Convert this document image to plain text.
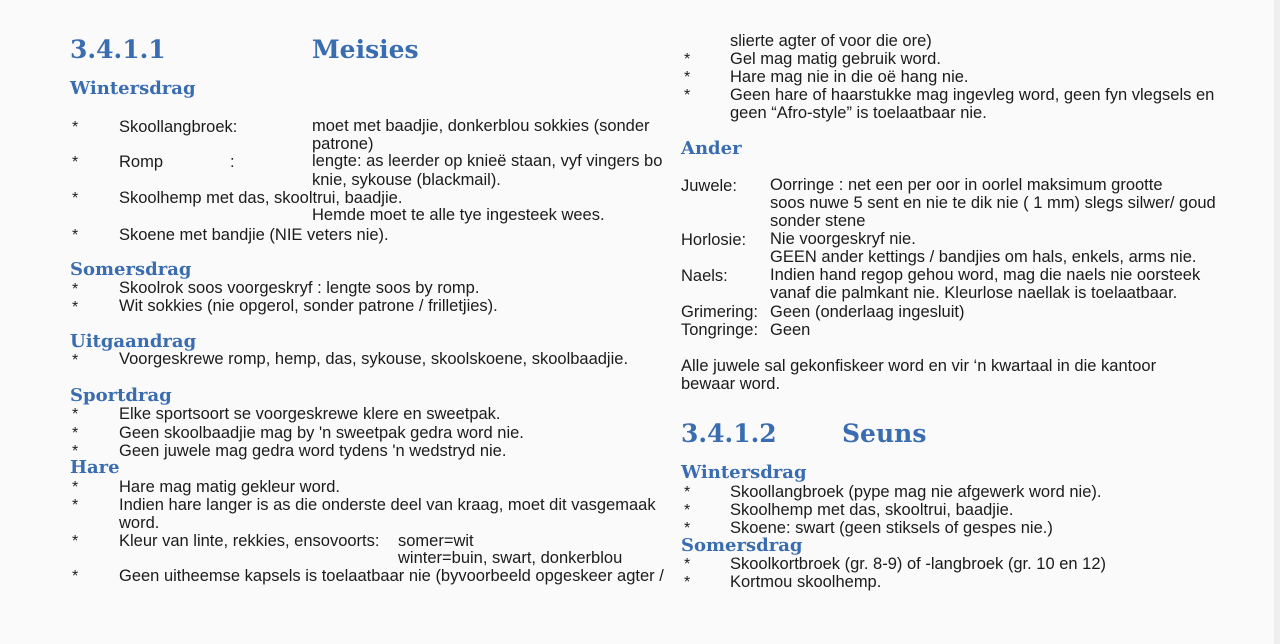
3.4.1.1	Meisies
Wintersdrag
* Skoollangbroek:	moet met baadjie, donkerblou sokkies (sonder
patrone)
* Romp	:	lengte: as leerder op knieë staan, vyf vingers bo
knie, sykouse (blackmail).
* Skoolhemp met das, skooltrui, baadjie.
Hemde moet te alle tye ingesteek wees.
* Skoene met bandjie (NIE veters nie).
Somersdrag
* Skoolrok soos voorgeskryf : lengte soos by romp.
* Wit sokkies (nie opgerol, sonder patrone / frilletjies).
Uitgaandrag
* Voorgeskrewe romp, hemp, das, sykouse, skoolskoene, skoolbaadjie.
Sportdrag
* Elke sportsoort se voorgeskrewe klere en sweetpak.
* Geen skoolbaadjie mag by 'n sweetpak gedra word nie.
* Geen juwele mag gedra word tydens 'n wedstryd nie.
Hare
* Hare mag matig gekleur word.
* Indien hare langer is as die onderste deel van kraag, moet dit vasgemaak
word.
* Kleur van linte, rekkies, ensovoorts: somer=wit
winter=buin, swart, donkerblou
* Geen uitheemse kapsels is toelaatbaar nie (byvoorbeeld opgeskeer agter /
slierte agter of voor die ore)
* Gel mag matig gebruik word.
* Hare mag nie in die oë hang nie.
* Geen hare of haarstukke mag ingevleg word, geen fyn vlegsels en
geen “Afro-style” is toelaatbaar nie.
Ander
Juwele: Oorringe : net een per oor in oorlel maksimum grootte
soos nuwe 5 sent en nie te dik nie ( 1 mm) slegs silwer/ goud
sonder stene
Horlosie: Nie voorgeskryf nie.
GEEN ander kettings / bandjies om hals, enkels, arms nie.
Naels:	Indien hand regop gehou word, mag die naels nie oorsteek
vanaf die palmkant nie. Kleurlose naellak is toelaatbaar.
Grimering: Geen (onderlaag ingesluit)
Tongringe: Geen
Alle juwele sal gekonfiskeer word en vir ‘n kwartaal in die kantoor
bewaar word.
3.4.1.2	Seuns
Wintersdrag
* Skoollangbroek (pype mag nie afgewerk word nie).
* Skoolhemp met das, skooltrui, baadjie.
* Skoene: swart (geen stiksels of gespes nie.)
Somersdrag
* Skoolkortbroek (gr. 8-9) of -langbroek (gr. 10 en 12)
* Kortmou skoolhemp.
